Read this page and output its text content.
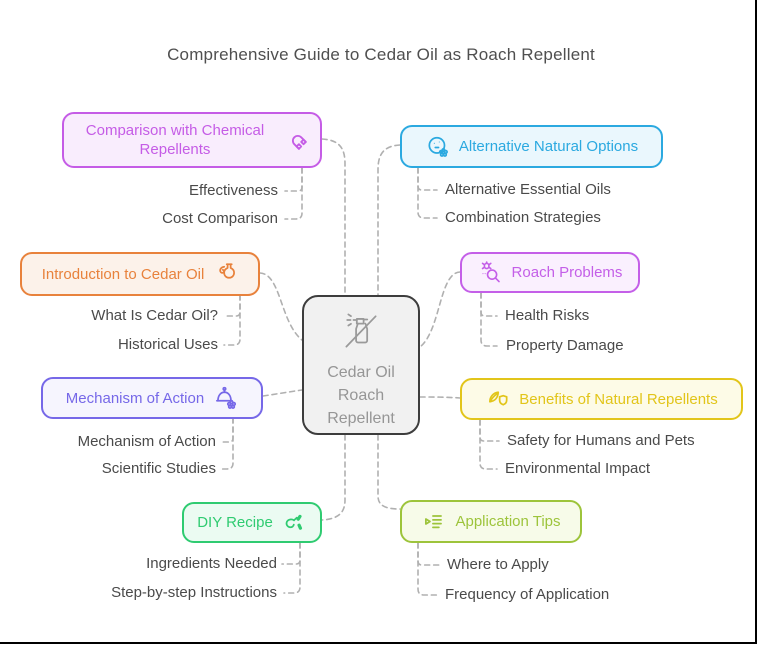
Comprehensive Guide to Cedar Oil as Roach Repellent
Comparison with Chemical Repellents
Introduction to Cedar Oil
Mechanism of Action
DIY Recipe
Alternative Natural Options
Roach Problems
Benefits of Natural Repellents
Application Tips
Cedar Oil
Roach
Repellent
Effectiveness
Cost Comparison
What Is Cedar Oil?
Historical Uses
Mechanism of Action
Scientific Studies
Ingredients Needed
Step-by-step Instructions
Alternative Essential Oils
Combination Strategies
Health Risks
Property Damage
Safety for Humans and Pets
Environmental Impact
Where to Apply
Frequency of Application
